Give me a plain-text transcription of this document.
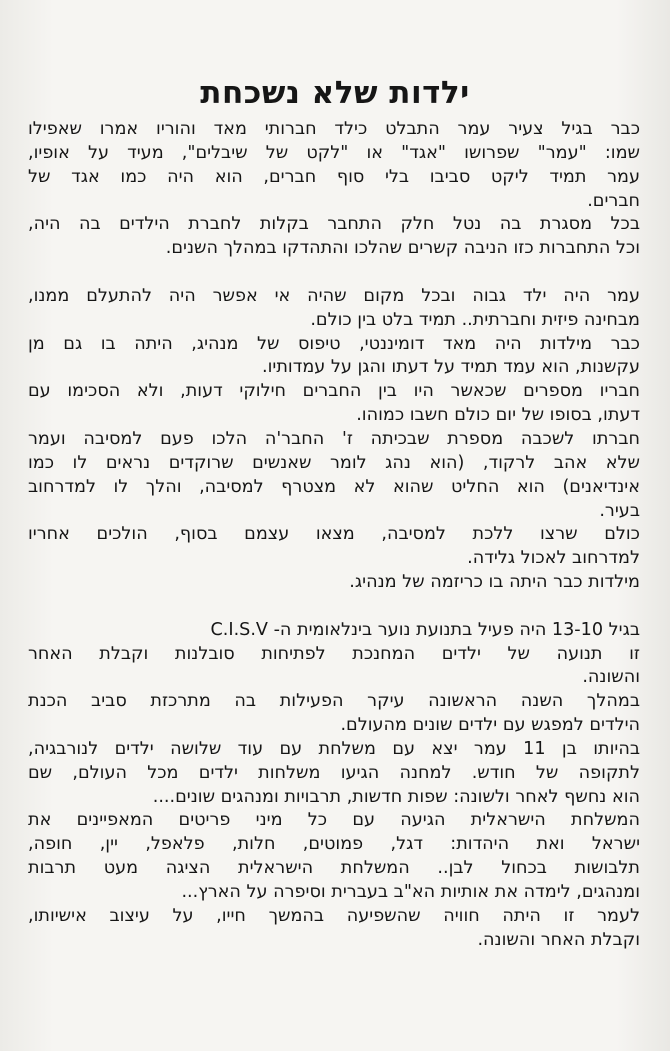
ילדות שלא נשכחת
כבר בגיל צעיר עמר התבלט כילד חברותי מאד והוריו אמרו שאפילו
שמו: "עמר" שפרושו "אגד" או "לקט של שיבלים", מעיד על אופיו,
עמר תמיד ליקט סביבו בלי סוף חברים, הוא היה כמו אגד של
חברים.
בכל מסגרת בה נטל חלק התחבר בקלות לחברת הילדים בה היה,
וכל התחברות כזו הניבה קשרים שהלכו והתהדקו במהלך השנים.
עמר היה ילד גבוה ובכל מקום שהיה אי אפשר היה להתעלם ממנו,
מבחינה פיזית וחברתית.. תמיד בלט בין כולם.
כבר מילדות היה מאד דומיננטי, טיפוס של מנהיג, היתה בו גם מן
עקשנות, הוא עמד תמיד על דעתו והגן על עמדותיו.
חבריו מספרים שכאשר היו בין החברים חילוקי דעות, ולא הסכימו עם
דעתו, בסופו של יום כולם חשבו כמוהו.
חברתו לשכבה מספרת שבכיתה ז' החבר'ה הלכו פעם למסיבה ועמר
שלא אהב לרקוד, (הוא נהג לומר שאנשים שרוקדים נראים לו כמו
אינדיאנים) הוא החליט שהוא לא מצטרף למסיבה, והלך לו למדרחוב
בעיר.
כולם שרצו ללכת למסיבה, מצאו עצמם בסוף, הולכים אחריו
למדרחוב לאכול גלידה.
מילדות כבר היתה בו כריזמה של מנהיג.
בגיל 13-10 היה פעיל בתנועת נוער בינלאומית ה- C.I.S.V
זו תנועה של ילדים המחנכת לפתיחות סובלנות וקבלת האחר
והשונה.
במהלך השנה הראשונה עיקר הפעילות בה מתרכזת סביב הכנת
הילדים למפגש עם ילדים שונים מהעולם.
בהיותו בן 11 עמר יצא עם משלחת עם עוד שלושה ילדים לנורבגיה,
לתקופה של חודש. למחנה הגיעו משלחות ילדים מכל העולם, שם
הוא נחשף לאחר ולשונה: שפות חדשות, תרבויות ומנהגים שונים....
המשלחת הישראלית הגיעה עם כל מיני פריטים המאפיינים את
ישראל ואת היהדות: דגל, פמוטים, חלות, פלאפל, יין, חופה,
תלבושות בכחול לבן.. המשלחת הישראלית הציגה מעט תרבות
ומנהגים, לימדה את אותיות הא"ב בעברית וסיפרה על הארץ...
לעמר זו היתה חוויה שהשפיעה בהמשך חייו, על עיצוב אישיותו,
וקבלת האחר והשונה.
